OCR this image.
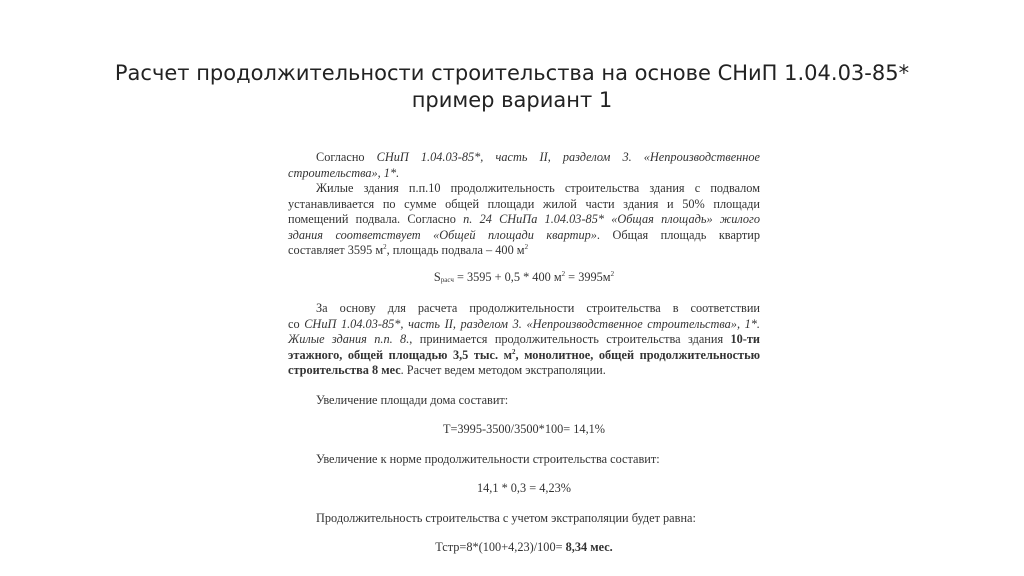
Расчет продолжительности строительства на основе СНиП 1.04.03-85*
пример вариант 1
Согласно СНиП 1.04.03-85*, часть II, разделом 3. «Непроизводственное
строительства», 1*.
Жилые здания п.п.10 продолжительность строительства здания с подвалом
устанавливается по сумме общей площади жилой части здания и 50% площади
помещений подвала. Согласно п. 24 СНиПа 1.04.03-85* «Общая площадь» жилого
здания соответствует «Общей площади квартир». Общая площадь квартир
составляет 3595 $м^2$, площадь подвала – 400 $м^2$
$S_{расч} = 3595 + 0,5 * 400$ $м^2 = 3995м^2$
За основу для расчета продолжительности строительства в соответствии
со СНиП 1.04.03-85*, часть II, разделом 3. «Непроизводственное строительства», 1*.
Жилые здания п.п. 8., принимается продолжительность строительства здания 10-ти
этажного, общей площадью 3,5 тыс. $м^2$, монолитное, общей продолжительностью
строительства 8 мес. Расчет ведем методом экстраполяции.
Увеличение площади дома составит:
Т=3995-3500/3500*100= 14,1%
Увеличение к норме продолжительности строительства составит:
14,1 * 0,3 = 4,23%
Продолжительность строительства с учетом экстраполяции будет равна:
Тстр=8*(100+4,23)/100= 8,34 мес.
